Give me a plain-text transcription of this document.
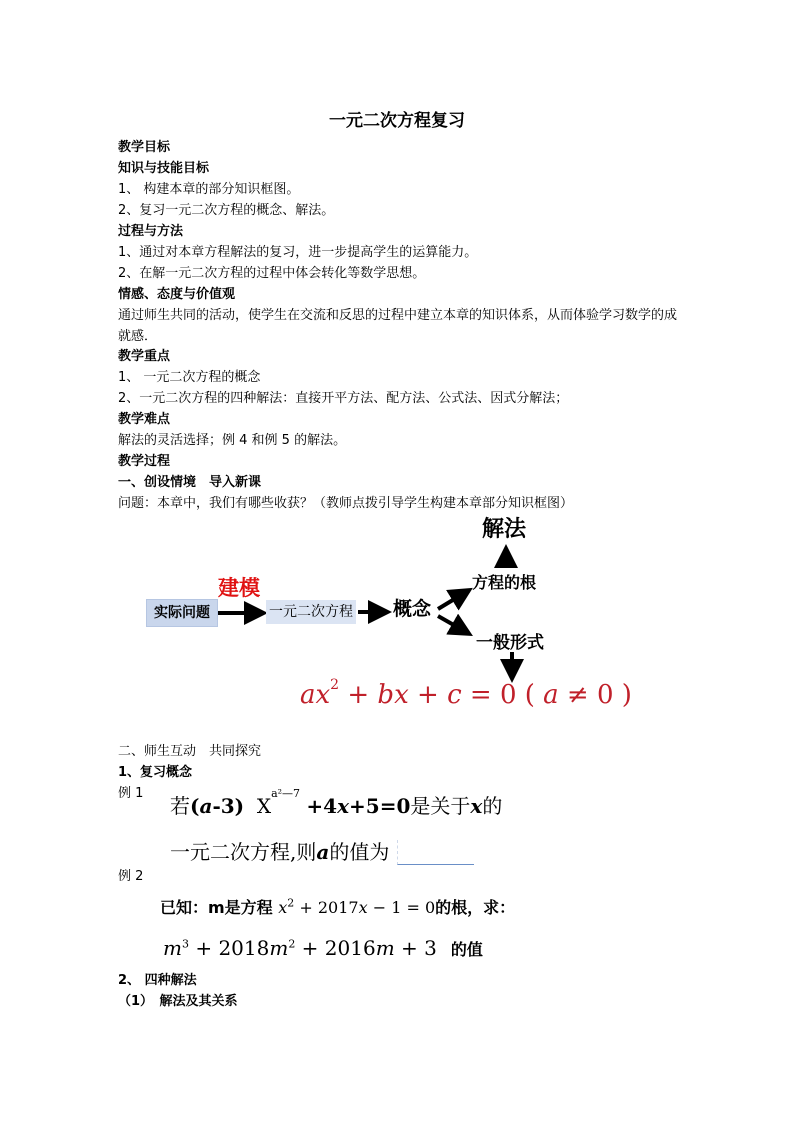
一元二次方程复习
教学目标
知识与技能目标
1、 构建本章的部分知识框图。
2、复习一元二次方程的概念、解法。
过程与方法
1、通过对本章方程解法的复习，进一步提高学生的运算能力。
2、在解一元二次方程的过程中体会转化等数学思想。
情感、态度与价值观
通过师生共同的活动，使学生在交流和反思的过程中建立本章的知识体系，从而体验学习数学的成就感．
教学重点
1、 一元二次方程的概念
2、一元二次方程的四种解法：直接开平方法、配方法、公式法、因式分解法；
教学难点
解法的灵活选择；例 4 和例 5 的解法。
教学过程
一、创设情境　导入新课
问题：本章中，我们有哪些收获？（教师点拨引导学生构建本章部分知识框图）
实际问题
建模
一元二次方程 概念
解法
方程的根
一般形式
$ax^2$ + bx + c = 0 ( a ≠ 0 )
二、师生互动　共同探究
1、复习概念
例 1
若(a-3)  $X^{a^2—7} +4x+5=0$是关于x的
一元二次方程,则a的值为
例 2
已知：m是方程 $x^2 + 2017x - 1 = 0$的根，求：
$m^3 + 2018m^2 + 2016m + 3$ 的值
2、 四种解法
（1）　解法及其关系
